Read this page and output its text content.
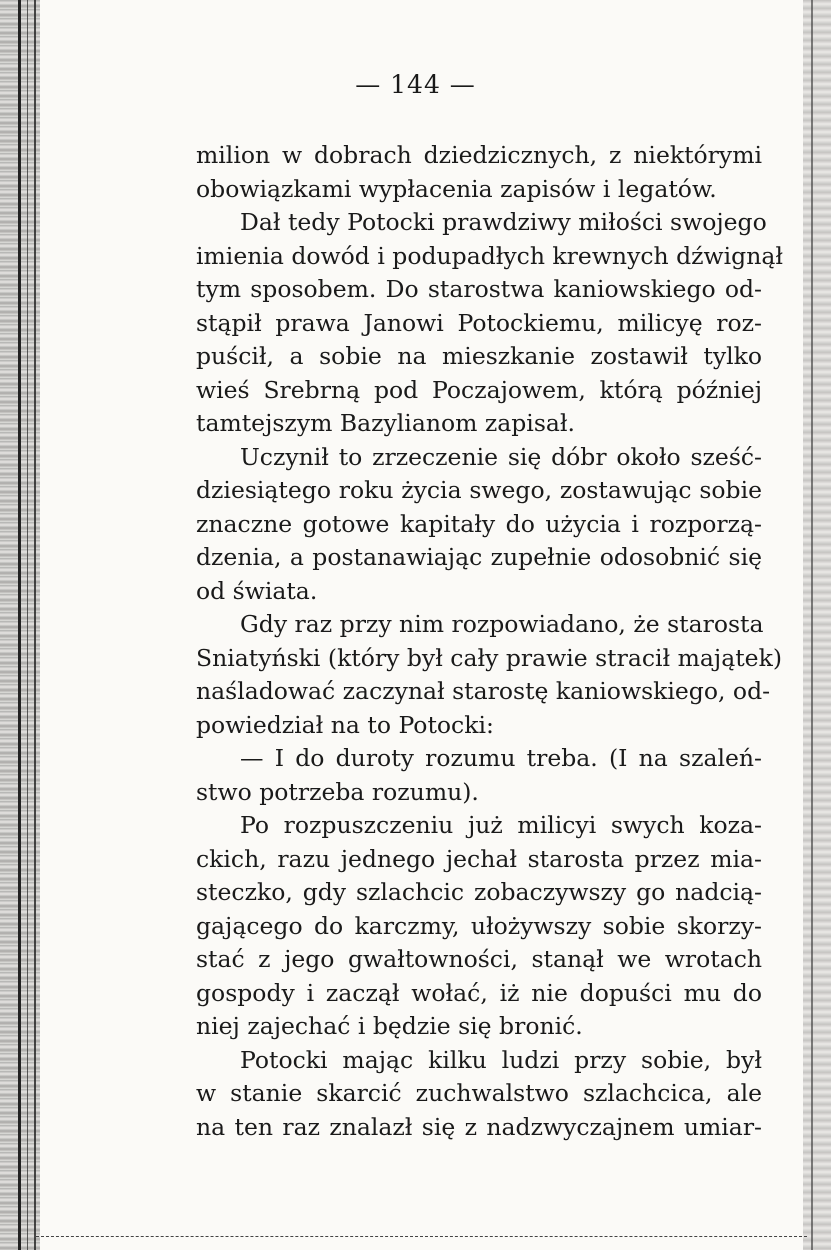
— 144 —
milion w dobrach dziedzicznych, z niektórymi
obowiązkami wypłacenia zapisów i legatów.
Dał tedy Potocki prawdziwy miłości swojego
imienia dowód i podupadłych krewnych dźwignął
tym sposobem. Do starostwa kaniowskiego od-
stąpił prawa Janowi Potockiemu, milicyę roz-
puścił, a sobie na mieszkanie zostawił tylko
wieś Srebrną pod Poczajowem, którą później
tamtejszym Bazylianom zapisał.
Uczynił to zrzeczenie się dóbr około sześć-
dziesiątego roku życia swego, zostawując sobie
znaczne gotowe kapitały do użycia i rozporzą-
dzenia, a postanawiając zupełnie odosobnić się
od świata.
Gdy raz przy nim rozpowiadano, że starosta
Sniatyński (który był cały prawie stracił majątek)
naśladować zaczynał starostę kaniowskiego, od-
powiedział na to Potocki:
— I do duroty rozumu treba. (I na szaleń-
stwo potrzeba rozumu).
Po rozpuszczeniu już milicyi swych koza-
ckich, razu jednego jechał starosta przez mia-
steczko, gdy szlachcic zobaczywszy go nadcią-
gającego do karczmy, ułożywszy sobie skorzy-
stać z jego gwałtowności, stanął we wrotach
gospody i zaczął wołać, iż nie dopuści mu do
niej zajechać i będzie się bronić.
Potocki mając kilku ludzi przy sobie, był
w stanie skarcić zuchwalstwo szlachcica, ale
na ten raz znalazł się z nadzwyczajnem umiar-
